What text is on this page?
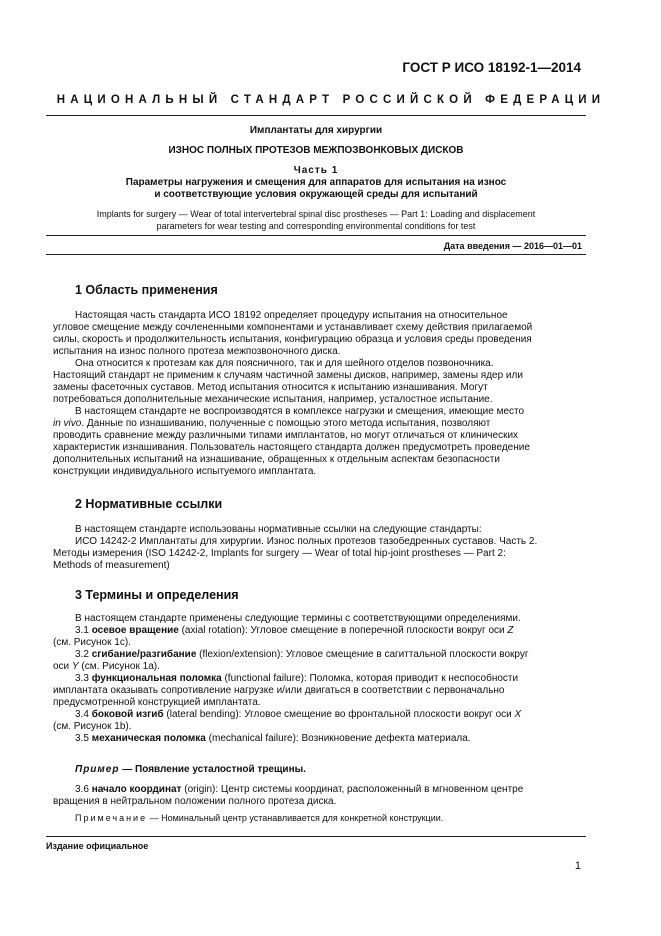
ГОСТ Р ИСО 18192-1—2014
НАЦИОНАЛЬНЫЙ СТАНДАРТ РОССИЙСКОЙ ФЕДЕРАЦИИ
Имплантаты для хирургии
ИЗНОС ПОЛНЫХ ПРОТЕЗОВ МЕЖПОЗВОНКОВЫХ ДИСКОВ
Часть 1
Параметры нагружения и смещения для аппаратов для испытания на износ
и соответствующие условия окружающей среды для испытаний
Implants for surgery — Wear of total intervertebral spinal disc prostheses — Part 1: Loading and displacement
parameters for wear testing and corresponding environmental conditions for test
Дата введения — 2016—01—01
1 Область применения
Настоящая часть стандарта ИСО 18192 определяет процедуру испытания на относительное
угловое смещение между сочлененными компонентами и устанавливает схему действия прилагаемой
силы, скорость и продолжительность испытания, конфигурацию образца и условия среды проведения
испытания на износ полного протеза межпозвоночного диска.
Она относится к протезам как для поясничного, так и для шейного отделов позвоночника.
Настоящий стандарт не применим к случаям частичной замены дисков, например, замены ядер или
замены фасеточных суставов. Метод испытания относится к испытанию изнашивания. Могут
потребоваться дополнительные механические испытания, например, усталостное испытание.
В настоящем стандарте не воспроизводятся в комплексе нагрузки и смещения, имеющие место
in vivo. Данные по изнашиванию, полученные с помощью этого метода испытания, позволяют
проводить сравнение между различными типами имплантатов, но могут отличаться от клинических
характеристик изнашивания. Пользователь настоящего стандарта должен предусмотреть проведение
дополнительных испытаний на изнашивание, обращенных к отдельным аспектам безопасности
конструкции индивидуального испытуемого имплантата.
2 Нормативные ссылки
В настоящем стандарте использованы нормативные ссылки на следующие стандарты:
ИСО 14242-2 Имплантаты для хирургии. Износ полных протезов тазобедренных суставов. Часть 2.
Методы измерения (ISO 14242-2, Implants for surgery — Wear of total hip-joint prostheses — Part 2:
Methods of measurement)
3 Термины и определения
В настоящем стандарте применены следующие термины с соответствующими определениями.
3.1 осевое вращение (axial rotation): Угловое смещение в поперечной плоскости вокруг оси Z
(см. Рисунок 1с).
3.2 сгибание/разгибание (flexion/extension): Угловое смещение в сагиттальной плоскости вокруг
оси Y (см. Рисунок 1а).
3.3 функциональная поломка (functional failure): Поломка, которая приводит к неспособности
имплантата оказывать сопротивление нагрузке и/или двигаться в соответствии с первоначально
предусмотренной конструкцией имплантата.
3.4 боковой изгиб (lateral bending): Угловое смещение во фронтальной плоскости вокруг оси X
(см. Рисунок 1b).
3.5 механическая поломка (mechanical failure): Возникновение дефекта материала.
Пример — Появление усталостной трещины.
3.6 начало координат (origin): Центр системы координат, расположенный в мгновенном центре
вращения в нейтральном положении полного протеза диска.
Примечание — Номинальный центр устанавливается для конкретной конструкции.
Издание официальное
1
